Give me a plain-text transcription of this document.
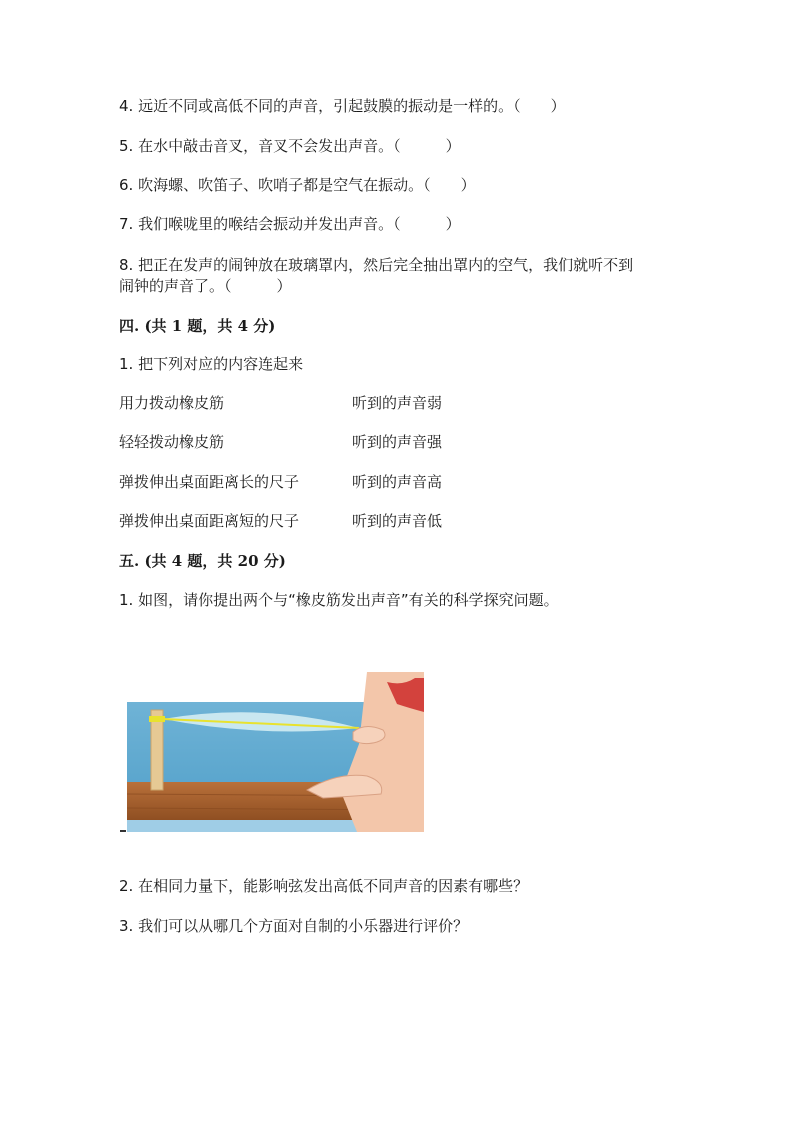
4. 远近不同或高低不同的声音，引起鼓膜的振动是一样的。（　　）
5. 在水中敲击音叉，音叉不会发出声音。（　　　）
6. 吹海螺、吹笛子、吹哨子都是空气在振动。（　　）
7. 我们喉咙里的喉结会振动并发出声音。（　　　）
8. 把正在发声的闹钟放在玻璃罩内，然后完全抽出罩内的空气，我们就听不到
闹钟的声音了。（　　　）
四. (共 1 题，共 4 分)
1. 把下列对应的内容连起来
用力拨动橡皮筋	听到的声音弱
轻轻拨动橡皮筋	听到的声音强
弹拨伸出桌面距离长的尺子	听到的声音高
弹拨伸出桌面距离短的尺子	听到的声音低
五. (共 4 题，共 20 分)
1. 如图，请你提出两个与“橡皮筋发出声音”有关的科学探究问题。
2. 在相同力量下，能影响弦发出高低不同声音的因素有哪些？
3. 我们可以从哪几个方面对自制的小乐器进行评价？
